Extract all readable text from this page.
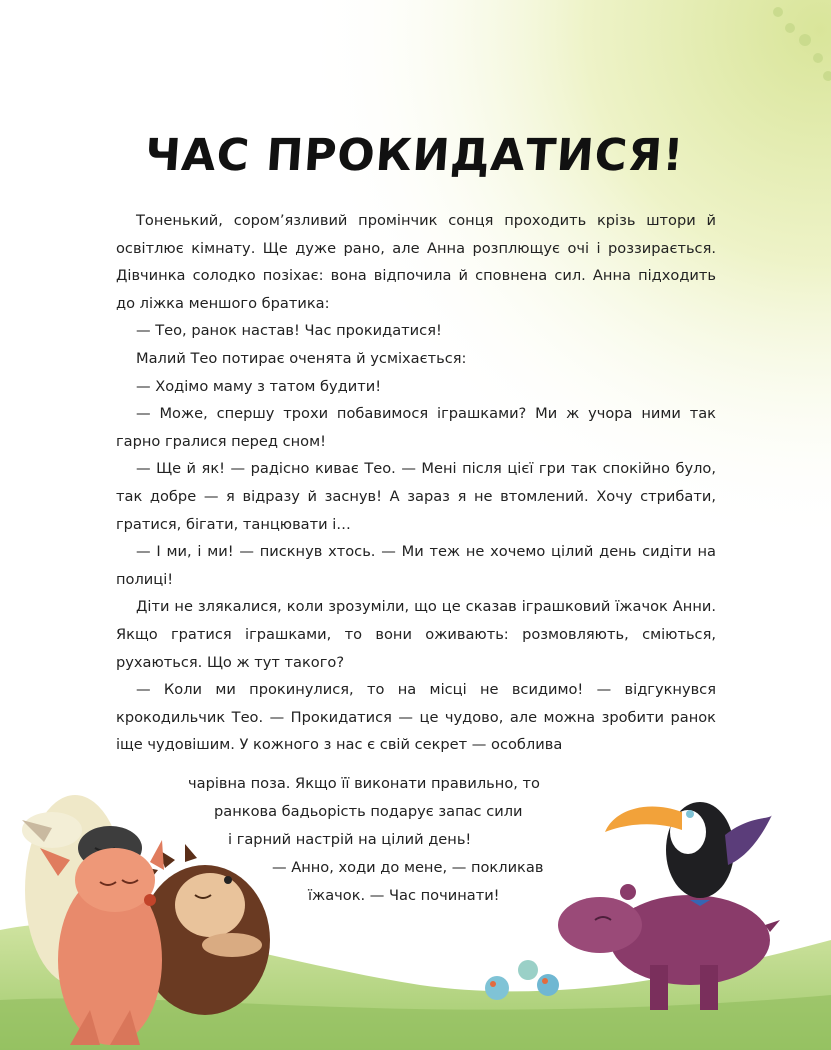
ЧАС ПРОКИДАТИСЯ!

Тоненький, сором’язливий промінчик сонця проходить крізь штори й освітлює кімнату. Ще дуже рано, але Анна розплющує очі і роззирається. Дівчинка солодко позіхає: вона відпочила й сповнена сил. Анна підходить до ліжка меншого братика:

— Тео, ранок настав! Час прокидатися!

Малий Тео потирає оченята й усміхається:

— Ходімо маму з татом будити!

— Може, спершу трохи побавимося іграшками? Ми ж учора ними так гарно гралися перед сном!

— Ще й як! — радісно киває Тео. — Мені після цієї гри так спокійно було, так добре — я відразу й заснув! А зараз я не втомлений. Хочу стрибати, гратися, бігати, танцювати і…

— І ми, і ми! — пискнув хтось. — Ми теж не хочемо цілий день сидіти на полиці!

Діти не злякалися, коли зрозуміли, що це сказав іграшковий їжачок Анни. Якщо гратися іграшками, то вони оживають: розмовляють, сміються, рухаються. Що ж тут такого?

— Коли ми прокинулися, то на місці не всидимо! — відгукнувся крокодильчик Тео. — Прокидатися — це чудово, але можна зробити ранок іще чудовішим. У кожного з нас є свій секрет — особлива

чарівна поза. Якщо її виконати правильно, то

ранкова бадьорість подарує запас сили

і гарний настрій на цілий день!

— Анно, ходи до мене, — покликав

їжачок. — Час починати!
